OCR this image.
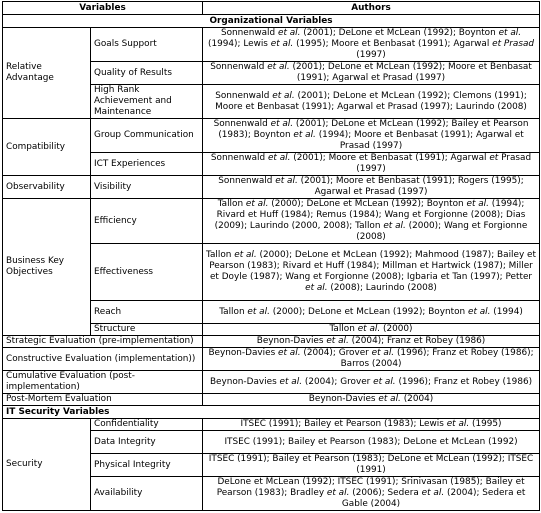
Variables		Authors
Organizational Variables		
Relative Advantage	Goals Support	Sonnenwald et al. (2001); DeLone et McLean (1992); Boynton et al. (1994); Lewis et al. (1995); Moore et Benbasat (1991); Agarwal et Prasad (1997)
	Quality of Results	Sonnenwald et al. (2001); DeLone et McLean (1992); Moore et Benbasat (1991); Agarwal et Prasad (1997)
	High Rank Achievement and Maintenance	Sonnenwald et al. (2001); DeLone et McLean (1992); Clemons (1991); Moore et Benbasat (1991); Agarwal et Prasad (1997); Laurindo (2008)
Compatibility	Group Communication	Sonnenwald et al. (2001); DeLone et McLean (1992); Bailey et Pearson (1983); Boynton et al. (1994); Moore et Benbasat (1991); Agarwal et Prasad (1997)
	ICT Experiences	Sonnenwald et al. (2001); Moore et Benbasat (1991); Agarwal et Prasad (1997)
Observability	Visibility	Sonnenwald et al. (2001); Moore et Benbasat (1991); Rogers (1995); Agarwal et Prasad (1997)
Business Key Objectives	Efficiency	Tallon et al. (2000); DeLone et McLean (1992); Boynton et al. (1994); Rivard et Huff (1984); Remus (1984); Wang et Forgionne (2008); Dias (2009); Laurindo (2000, 2008); Tallon et al. (2000); Wang et Forgionne (2008)
	Effectiveness	Tallon et al. (2000); DeLone et McLean (1992); Mahmood (1987); Bailey et Pearson (1983); Rivard et Huff (1984); Millman et Hartwick (1987); Miller et Doyle (1987); Wang et Forgionne (2008); Igbaria et Tan (1997); Petter et al. (2008); Laurindo (2008)
	Reach	Tallon et al. (2000); DeLone et McLean (1992); Boynton et al. (1994)
	Structure	Tallon et al. (2000)
Strategic Evaluation (pre-implementation)		Beynon-Davies et al. (2004); Franz et Robey (1986)
Constructive Evaluation (implementation))		Beynon-Davies et al. (2004); Grover et al. (1996); Franz et Robey (1986); Barros (2004)
Cumulative Evaluation (post-implementation)		Beynon-Davies et al. (2004); Grover et al. (1996); Franz et Robey (1986)
Post-Mortem Evaluation		Beynon-Davies et al. (2004)
IT Security Variables		
Security	Confidentiality	ITSEC (1991); Bailey et Pearson (1983); Lewis et al. (1995)
	Data Integrity	ITSEC (1991); Bailey et Pearson (1983); DeLone et McLean (1992)
	Physical Integrity	ITSEC (1991); Bailey et Pearson (1983); DeLone et McLean (1992); ITSEC (1991)
	Availability	DeLone et McLean (1992); ITSEC (1991); Srinivasan (1985); Bailey et Pearson (1983); Bradley et al. (2006); Sedera et al. (2004); Sedera et Gable (2004)
